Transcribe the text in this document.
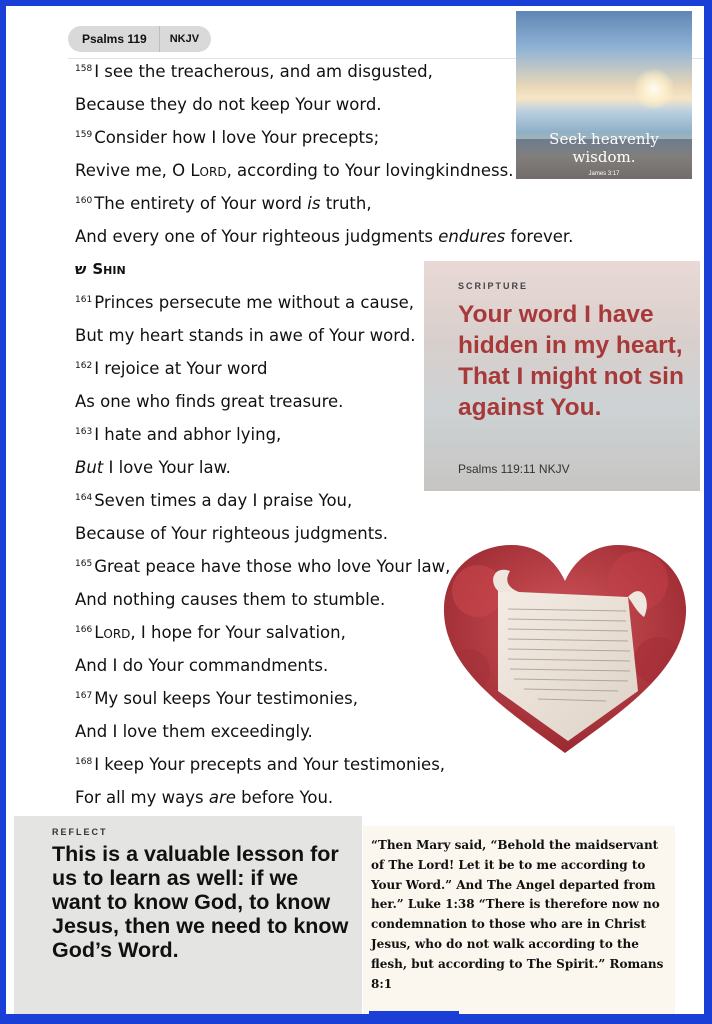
Psalms 119	NKJV
$^{158}$ I see the treacherous, and am disgusted,
Because they do not keep Your word.
$^{159}$ Consider how I love Your precepts;
Revive me, O Lord, according to Your lovingkindness.
$^{160}$ The entirety of Your word is truth,
And every one of Your righteous judgments endures forever.
ש Shin
$^{161}$ Princes persecute me without a cause,
But my heart stands in awe of Your word.
$^{162}$ I rejoice at Your word
As one who finds great treasure.
$^{163}$ I hate and abhor lying,
But I love Your law.
$^{164}$ Seven times a day I praise You,
Because of Your righteous judgments.
$^{165}$ Great peace have those who love Your law,
And nothing causes them to stumble.
$^{166}$ Lord, I hope for Your salvation,
And I do Your commandments.
$^{167}$ My soul keeps Your testimonies,
And I love them exceedingly.
$^{168}$ I keep Your precepts and Your testimonies,
For all my ways are before You.
Seek heavenly wisdom.
James 3:17
SCRIPTURE
Your word I have hidden in my heart, That I might not sin against You.
Psalms 119:11 NKJV
REFLECT
This is a valuable lesson for us to learn as well: if we want to know God, to know Jesus, then we need to know God’s Word.
“Then Mary said, “Behold the maidservant of The Lord! Let it be to me according to Your Word.” And The Angel departed from her.” Luke 1:38 “There is therefore now no condemnation to those who are in Christ Jesus, who do not walk according to the flesh, but according to The Spirit.” Romans 8:1
